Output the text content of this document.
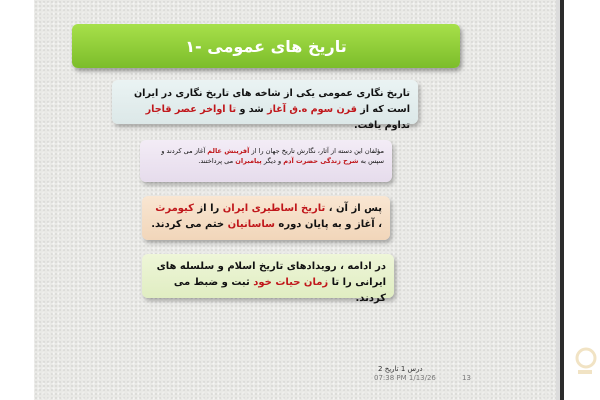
۱- تاریخ های عمومی
تاریخ نگاری عمومی یکی از شاخه های تاریخ نگاری در ایران است که از قرن سوم ه.ق آغاز شد و تا اواخر عصر قاجار تداوم یافت.
مؤلفان این دسته از آثار، نگارش تاریخ جهان را از آفرینش عالم آغاز می کردند و سپس به شرح زندگی حضرت آدم و دیگر پیامبران می پرداختند.
پس از آن ، تاریخ اساطیری ایران را از کیومرث ، آغاز و به پایان دوره ساسانیان ختم می کردند.
در ادامه ، رویدادهای تاریخ اسلام و سلسله های ایرانی را تا زمان حیات خود ثبت و ضبط می کردند.
درس 1 تاریخ 2
07:38 PM 1/13/26	13
